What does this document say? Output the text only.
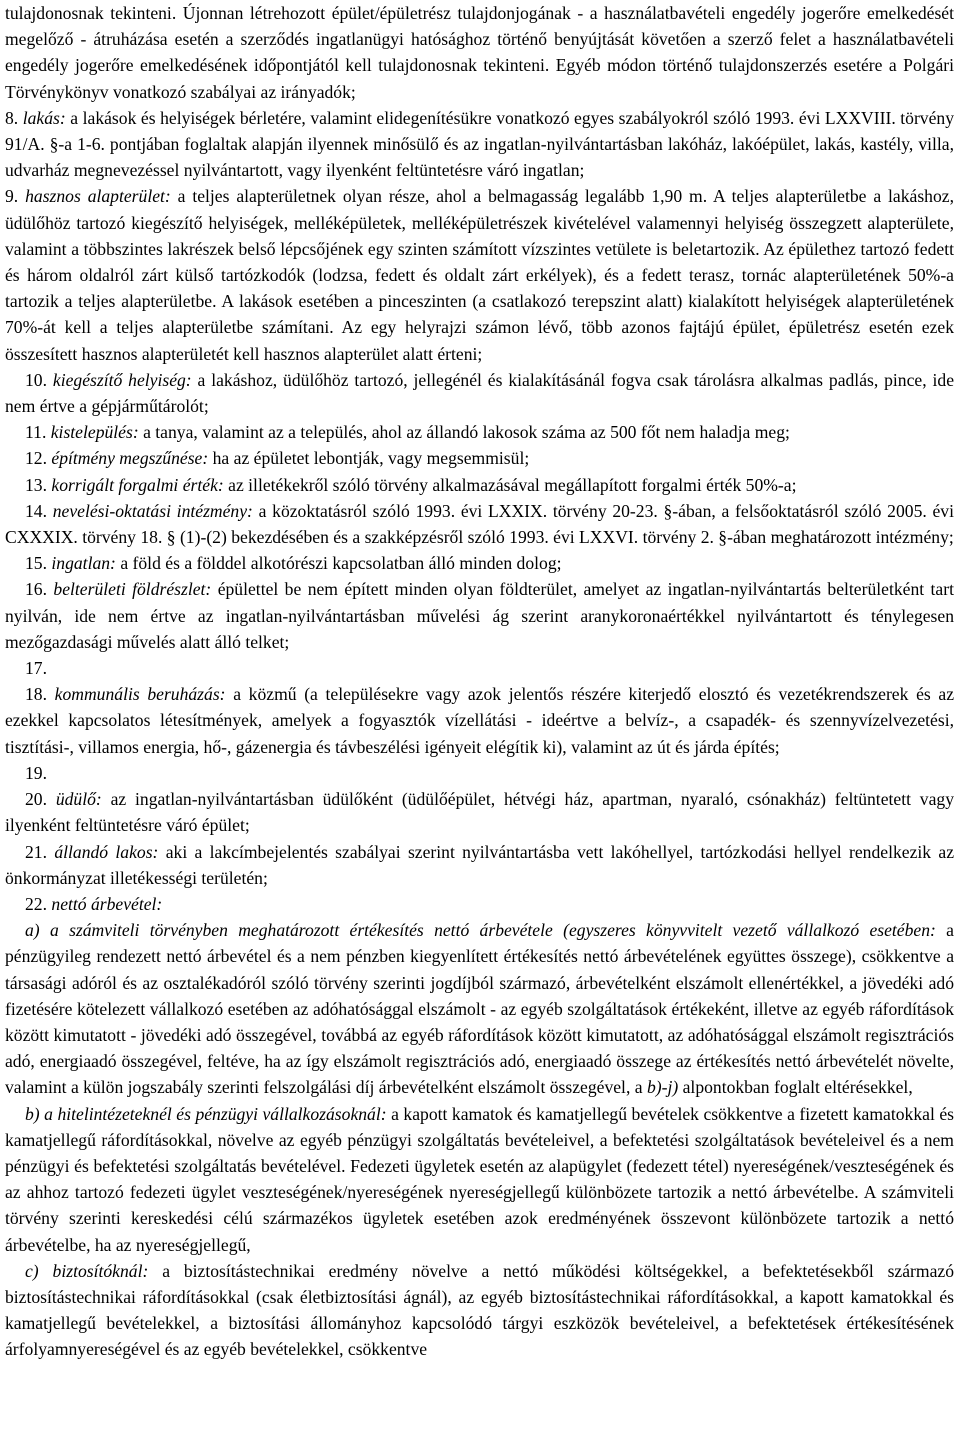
tulajdonosnak tekinteni. Újonnan létrehozott épület/épületrész tulajdonjogának - a használatbavételi engedély jogerőre emelkedését megelőző - átruházása esetén a szerződés ingatlanügyi hatósághoz történő benyújtását követően a szerző felet a használatbavételi engedély jogerőre emelkedésének időpontjától kell tulajdonosnak tekinteni. Egyéb módon történő tulajdonszerzés esetére a Polgári Törvénykönyv vonatkozó szabályai az irányadók;

8. lakás: a lakások és helyiségek bérletére, valamint elidegenítésükre vonatkozó egyes szabályokról szóló 1993. évi LXXVIII. törvény 91/A. §-a 1-6. pontjában foglaltak alapján ilyennek minősülő és az ingatlan-nyilvántartásban lakóház, lakóépület, lakás, kastély, villa, udvarház megnevezéssel nyilvántartott, vagy ilyenként feltüntetésre váró ingatlan;

9. hasznos alapterület: a teljes alapterületnek olyan része, ahol a belmagasság legalább 1,90 m. A teljes alapterületbe a lakáshoz, üdülőhöz tartozó kiegészítő helyiségek, melléképületek, melléképületrészek kivételével valamennyi helyiség összegzett alapterülete, valamint a többszintes lakrészek belső lépcsőjének egy szinten számított vízszintes vetülete is beletartozik. Az épülethez tartozó fedett és három oldalról zárt külső tartózkodók (lodzsa, fedett és oldalt zárt erkélyek), és a fedett terasz, tornác alapterületének 50%-a tartozik a teljes alapterületbe. A lakások esetében a pinceszinten (a csatlakozó terepszint alatt) kialakított helyiségek alapterületének 70%-át kell a teljes alapterületbe számítani. Az egy helyrajzi számon lévő, több azonos fajtájú épület, épületrész esetén ezek összesített hasznos alapterületét kell hasznos alapterület alatt érteni;

10. kiegészítő helyiség: a lakáshoz, üdülőhöz tartozó, jellegénél és kialakításánál fogva csak tárolásra alkalmas padlás, pince, ide nem értve a gépjárműtárolót;

11. kistelepülés: a tanya, valamint az a település, ahol az állandó lakosok száma az 500 főt nem haladja meg;

12. építmény megszűnése: ha az épületet lebontják, vagy megsemmisül;

13. korrigált forgalmi érték: az illetékekről szóló törvény alkalmazásával megállapított forgalmi érték 50%-a;

14. nevelési-oktatási intézmény: a közoktatásról szóló 1993. évi LXXIX. törvény 20-23. §-ában, a felsőoktatásról szóló 2005. évi CXXXIX. törvény 18. § (1)-(2) bekezdésében és a szakképzésről szóló 1993. évi LXXVI. törvény 2. §-ában meghatározott intézmény;

15. ingatlan: a föld és a földdel alkotórészi kapcsolatban álló minden dolog;

16. belterületi földrészlet: épülettel be nem épített minden olyan földterület, amelyet az ingatlan-nyilvántartás belterületként tart nyilván, ide nem értve az ingatlan-nyilvántartásban művelési ág szerint aranykoronaértékkel nyilvántartott és ténylegesen mezőgazdasági művelés alatt álló telket;

17.

18. kommunális beruházás: a közmű (a településekre vagy azok jelentős részére kiterjedő elosztó és vezetékrendszerek és az ezekkel kapcsolatos létesítmények, amelyek a fogyasztók vízellátási - ideértve a belvíz-, a csapadék- és szennyvízelvezetési, tisztítási-, villamos energia, hő-, gázenergia és távbeszélési igényeit elégítik ki), valamint az út és járda építés;

19.

20. üdülő: az ingatlan-nyilvántartásban üdülőként (üdülőépület, hétvégi ház, apartman, nyaraló, csónakház) feltüntetett vagy ilyenként feltüntetésre váró épület;

21. állandó lakos: aki a lakcímbejelentés szabályai szerint nyilvántartásba vett lakóhellyel, tartózkodási hellyel rendelkezik az önkormányzat illetékességi területén;

22. nettó árbevétel:

a) a számviteli törvényben meghatározott értékesítés nettó árbevétele (egyszeres könyvvitelt vezető vállalkozó esetében: a pénzügyileg rendezett nettó árbevétel és a nem pénzben kiegyenlített értékesítés nettó árbevételének együttes összege), csökkentve a társasági adóról és az osztalékadóról szóló törvény szerinti jogdíjból származó, árbevételként elszámolt ellenértékkel, a jövedéki adó fizetésére kötelezett vállalkozó esetében az adóhatósággal elszámolt - az egyéb szolgáltatások értékeként, illetve az egyéb ráfordítások között kimutatott - jövedéki adó összegével, továbbá az egyéb ráfordítások között kimutatott, az adóhatósággal elszámolt regisztrációs adó, energiaadó összegével, feltéve, ha az így elszámolt regisztrációs adó, energiaadó összege az értékesítés nettó árbevételét növelte, valamint a külön jogszabály szerinti felszolgálási díj árbevételként elszámolt összegével, a b)-j) alpontokban foglalt eltérésekkel,

b) a hitelintézeteknél és pénzügyi vállalkozásoknál: a kapott kamatok és kamatjellegű bevételek csökkentve a fizetett kamatokkal és kamatjellegű ráfordításokkal, növelve az egyéb pénzügyi szolgáltatás bevételeivel, a befektetési szolgáltatások bevételeivel és a nem pénzügyi és befektetési szolgáltatás bevételével. Fedezeti ügyletek esetén az alapügylet (fedezett tétel) nyereségének/veszteségének és az ahhoz tartozó fedezeti ügylet veszteségének/nyereségének nyereségjellegű különbözete tartozik a nettó árbevételbe. A számviteli törvény szerinti kereskedési célú származékos ügyletek esetében azok eredményének összevont különbözete tartozik a nettó árbevételbe, ha az nyereségjellegű,

c) biztosítóknál: a biztosítástechnikai eredmény növelve a nettó működési költségekkel, a befektetésekből származó biztosítástechnikai ráfordításokkal (csak életbiztosítási ágnál), az egyéb biztosítástechnikai ráfordításokkal, a kapott kamatokkal és kamatjellegű bevételekkel, a biztosítási állományhoz kapcsolódó tárgyi eszközök bevételeivel, a befektetések értékesítésének árfolyamnyereségével és az egyéb bevételekkel, csökkentve
